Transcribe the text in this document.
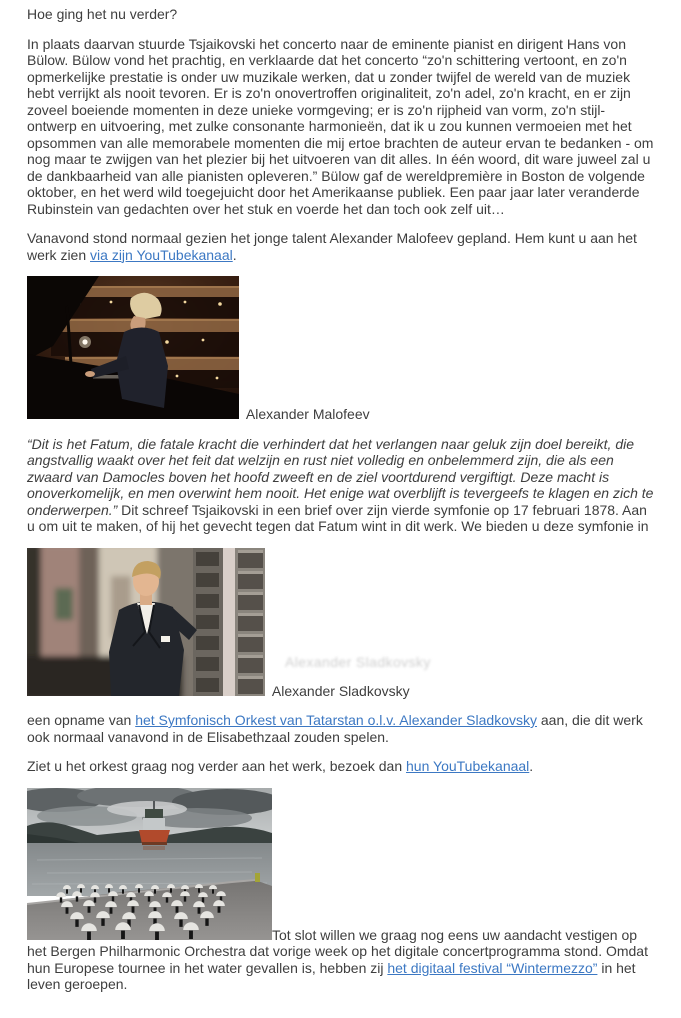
Hoe ging het nu verder?

In plaats daarvan stuurde Tsjaikovski het concerto naar de eminente pianist en dirigent Hans von Bülow. Bülow vond het prachtig, en verklaarde dat het concerto “zo'n schittering vertoont, en zo'n opmerkelijke prestatie is onder uw muzikale werken, dat u zonder twijfel de wereld van de muziek hebt verrijkt als nooit tevoren. Er is zo'n onovertroffen originaliteit, zo'n adel, zo'n kracht, en er zijn zoveel boeiende momenten in deze unieke vormgeving; er is zo'n rijpheid van vorm, zo'n stijl-ontwerp en uitvoering, met zulke consonante harmonieën, dat ik u zou kunnen vermoeien met het opsommen van alle memorabele momenten die mij ertoe brachten de auteur ervan te bedanken - om nog maar te zwijgen van het plezier bij het uitvoeren van dit alles. In één woord, dit ware juweel zal u de dankbaarheid van alle pianisten opleveren.” Bülow gaf de wereldpremière in Boston de volgende oktober, en het werd wild toegejuicht door het Amerikaanse publiek. Een paar jaar later veranderde Rubinstein van gedachten over het stuk en voerde het dan toch ook zelf uit…

Vanavond stond normaal gezien het jonge talent Alexander Malofeev gepland. Hem kunt u aan het werk zien via zijn YouTubekanaal.

Alexander Malofeev

“Dit is het Fatum, die fatale kracht die verhindert dat het verlangen naar geluk zijn doel bereikt, die angstvallig waakt over het feit dat welzijn en rust niet volledig en onbelemmerd zijn, die als een zwaard van Damocles boven het hoofd zweeft en de ziel voortdurend vergiftigt. Deze macht is onoverkomelijk, en men overwint hem nooit. Het enige wat overblijft is tevergeefs te klagen en zich te onderwerpen.” Dit schreef Tsjaikovski in een brief over zijn vierde symfonie op 17 februari 1878. Aan u om uit te maken, of hij het gevecht tegen dat Fatum wint in dit werk. We bieden u deze symfonie in

Alexander Sladkovsky
Alexander Sladkovsky

een opname van het Symfonisch Orkest van Tatarstan o.l.v. Alexander Sladkovsky aan, die dit werk ook normaal vanavond in de Elisabethzaal zouden spelen.

Ziet u het orkest graag nog verder aan het werk, bezoek dan hun YouTubekanaal.

Tot slot willen we graag nog eens uw aandacht vestigen op het Bergen Philharmonic Orchestra dat vorige week op het digitale concertprogramma stond. Omdat hun Europese tournee in het water gevallen is, hebben zij het digitaal festival “Wintermezzo” in het leven geroepen.
